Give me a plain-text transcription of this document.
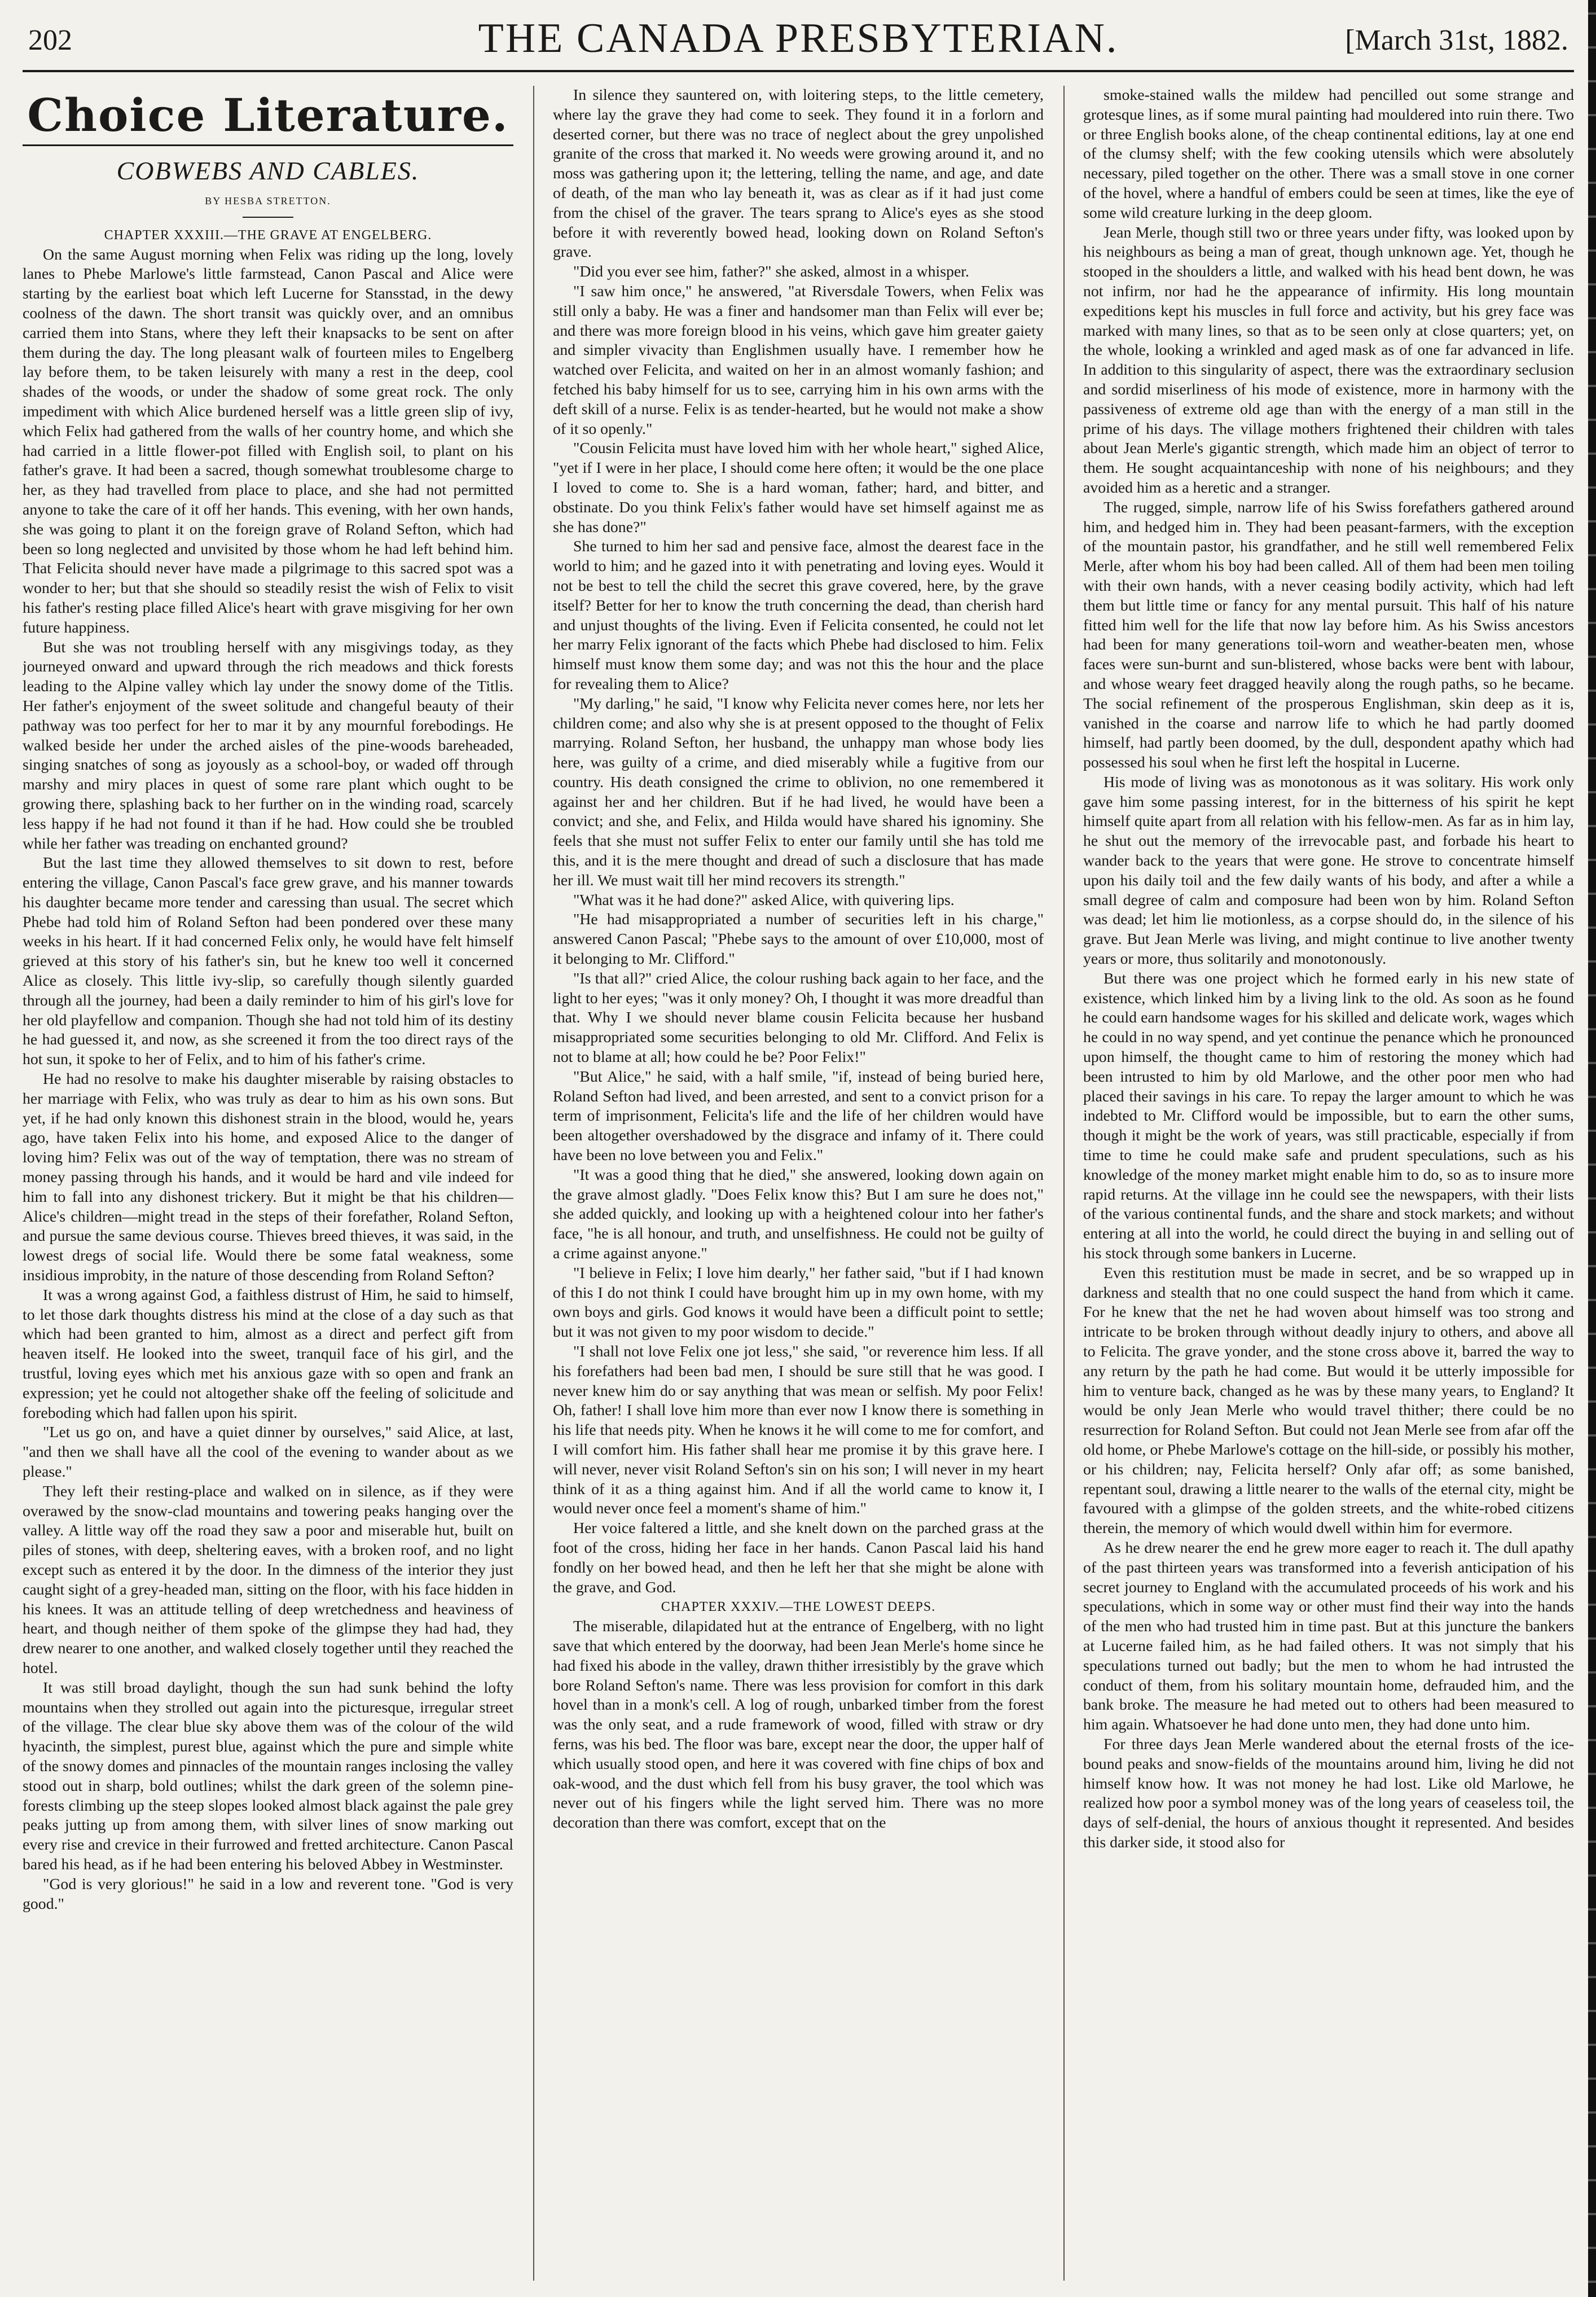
202	THE CANADA PRESBYTERIAN.	[March 31st, 1882.
Choice Literature.
COBWEBS AND CABLES.
BY HESBA STRETTON.

CHAPTER XXXIII.—THE GRAVE AT ENGELBERG.

On the same August morning when Felix was riding up the long, lovely lanes to Phebe Marlowe's little farmstead, Canon Pascal and Alice were starting by the earliest boat which left Lucerne for Stansstad, in the dewy coolness of the dawn. The short transit was quickly over, and an omnibus carried them into Stans, where they left their knapsacks to be sent on after them during the day. The long pleasant walk of fourteen miles to Engelberg lay before them, to be taken leisurely with many a rest in the deep, cool shades of the woods, or under the shadow of some great rock. The only impediment with which Alice burdened herself was a little green slip of ivy, which Felix had gathered from the walls of her country home, and which she had carried in a little flower-pot filled with English soil, to plant on his father's grave. It had been a sacred, though somewhat troublesome charge to her, as they had travelled from place to place, and she had not permitted anyone to take the care of it off her hands. This evening, with her own hands, she was going to plant it on the foreign grave of Roland Sefton, which had been so long neglected and unvisited by those whom he had left behind him. That Felicita should never have made a pilgrimage to this sacred spot was a wonder to her; but that she should so steadily resist the wish of Felix to visit his father's resting place filled Alice's heart with grave misgiving for her own future happiness.

But she was not troubling herself with any misgivings today, as they journeyed onward and upward through the rich meadows and thick forests leading to the Alpine valley which lay under the snowy dome of the Titlis. Her father's enjoyment of the sweet solitude and changeful beauty of their pathway was too perfect for her to mar it by any mournful forebodings. He walked beside her under the arched aisles of the pine-woods bareheaded, singing snatches of song as joyously as a school-boy, or waded off through marshy and miry places in quest of some rare plant which ought to be growing there, splashing back to her further on in the winding road, scarcely less happy if he had not found it than if he had. How could she be troubled while her father was treading on enchanted ground?

But the last time they allowed themselves to sit down to rest, before entering the village, Canon Pascal's face grew grave, and his manner towards his daughter became more tender and caressing than usual. The secret which Phebe had told him of Roland Sefton had been pondered over these many weeks in his heart. If it had concerned Felix only, he would have felt himself grieved at this story of his father's sin, but he knew too well it concerned Alice as closely. This little ivy-slip, so carefully though silently guarded through all the journey, had been a daily reminder to him of his girl's love for her old playfellow and companion. Though she had not told him of its destiny he had guessed it, and now, as she screened it from the too direct rays of the hot sun, it spoke to her of Felix, and to him of his father's crime.

He had no resolve to make his daughter miserable by raising obstacles to her marriage with Felix, who was truly as dear to him as his own sons. But yet, if he had only known this dishonest strain in the blood, would he, years ago, have taken Felix into his home, and exposed Alice to the danger of loving him? Felix was out of the way of temptation, there was no stream of money passing through his hands, and it would be hard and vile indeed for him to fall into any dishonest trickery. But it might be that his children—Alice's children—might tread in the steps of their forefather, Roland Sefton, and pursue the same devious course. Thieves breed thieves, it was said, in the lowest dregs of social life. Would there be some fatal weakness, some insidious improbity, in the nature of those descending from Roland Sefton?

It was a wrong against God, a faithless distrust of Him, he said to himself, to let those dark thoughts distress his mind at the close of a day such as that which had been granted to him, almost as a direct and perfect gift from heaven itself. He looked into the sweet, tranquil face of his girl, and the trustful, loving eyes which met his anxious gaze with so open and frank an expression; yet he could not altogether shake off the feeling of solicitude and foreboding which had fallen upon his spirit.

"Let us go on, and have a quiet dinner by ourselves," said Alice, at last, "and then we shall have all the cool of the evening to wander about as we please."

They left their resting-place and walked on in silence, as if they were overawed by the snow-clad mountains and towering peaks hanging over the valley. A little way off the road they saw a poor and miserable hut, built on piles of stones, with deep, sheltering eaves, with a broken roof, and no light except such as entered it by the door. In the dimness of the interior they just caught sight of a grey-headed man, sitting on the floor, with his face hidden in his knees. It was an attitude telling of deep wretchedness and heaviness of heart, and though neither of them spoke of the glimpse they had had, they drew nearer to one another, and walked closely together until they reached the hotel.

It was still broad daylight, though the sun had sunk behind the lofty mountains when they strolled out again into the picturesque, irregular street of the village. The clear blue sky above them was of the colour of the wild hyacinth, the simplest, purest blue, against which the pure and simple white of the snowy domes and pinnacles of the mountain ranges inclosing the valley stood out in sharp, bold outlines; whilst the dark green of the solemn pine-forests climbing up the steep slopes looked almost black against the pale grey peaks jutting up from among them, with silver lines of snow marking out every rise and crevice in their furrowed and fretted architecture. Canon Pascal bared his head, as if he had been entering his beloved Abbey in Westminster.

"God is very glorious!" he said in a low and reverent tone. "God is very good."

In silence they sauntered on, with loitering steps, to the little cemetery, where lay the grave they had come to seek. They found it in a forlorn and deserted corner, but there was no trace of neglect about the grey unpolished granite of the cross that marked it. No weeds were growing around it, and no moss was gathering upon it; the lettering, telling the name, and age, and date of death, of the man who lay beneath it, was as clear as if it had just come from the chisel of the graver. The tears sprang to Alice's eyes as she stood before it with reverently bowed head, looking down on Roland Sefton's grave.

"Did you ever see him, father?" she asked, almost in a whisper.

"I saw him once," he answered, "at Riversdale Towers, when Felix was still only a baby. He was a finer and handsomer man than Felix will ever be; and there was more foreign blood in his veins, which gave him greater gaiety and simpler vivacity than Englishmen usually have. I remember how he watched over Felicita, and waited on her in an almost womanly fashion; and fetched his baby himself for us to see, carrying him in his own arms with the deft skill of a nurse. Felix is as tender-hearted, but he would not make a show of it so openly."

"Cousin Felicita must have loved him with her whole heart," sighed Alice, "yet if I were in her place, I should come here often; it would be the one place I loved to come to. She is a hard woman, father; hard, and bitter, and obstinate. Do you think Felix's father would have set himself against me as she has done?"

She turned to him her sad and pensive face, almost the dearest face in the world to him; and he gazed into it with penetrating and loving eyes. Would it not be best to tell the child the secret this grave covered, here, by the grave itself? Better for her to know the truth concerning the dead, than cherish hard and unjust thoughts of the living. Even if Felicita consented, he could not let her marry Felix ignorant of the facts which Phebe had disclosed to him. Felix himself must know them some day; and was not this the hour and the place for revealing them to Alice?

"My darling," he said, "I know why Felicita never comes here, nor lets her children come; and also why she is at present opposed to the thought of Felix marrying. Roland Sefton, her husband, the unhappy man whose body lies here, was guilty of a crime, and died miserably while a fugitive from our country. His death consigned the crime to oblivion, no one remembered it against her and her children. But if he had lived, he would have been a convict; and she, and Felix, and Hilda would have shared his ignominy. She feels that she must not suffer Felix to enter our family until she has told me this, and it is the mere thought and dread of such a disclosure that has made her ill. We must wait till her mind recovers its strength."

"What was it he had done?" asked Alice, with quivering lips.

"He had misappropriated a number of securities left in his charge," answered Canon Pascal; "Phebe says to the amount of over £10,000, most of it belonging to Mr. Clifford."

"Is that all?" cried Alice, the colour rushing back again to her face, and the light to her eyes; "was it only money? Oh, I thought it was more dreadful than that. Why I we should never blame cousin Felicita because her husband misappropriated some securities belonging to old Mr. Clifford. And Felix is not to blame at all; how could he be? Poor Felix!"

"But Alice," he said, with a half smile, "if, instead of being buried here, Roland Sefton had lived, and been arrested, and sent to a convict prison for a term of imprisonment, Felicita's life and the life of her children would have been altogether overshadowed by the disgrace and infamy of it. There could have been no love between you and Felix."

"It was a good thing that he died," she answered, looking down again on the grave almost gladly. "Does Felix know this? But I am sure he does not," she added quickly, and looking up with a heightened colour into her father's face, "he is all honour, and truth, and unselfishness. He could not be guilty of a crime against anyone."

"I believe in Felix; I love him dearly," her father said, "but if I had known of this I do not think I could have brought him up in my own home, with my own boys and girls. God knows it would have been a difficult point to settle; but it was not given to my poor wisdom to decide."

"I shall not love Felix one jot less," she said, "or reverence him less. If all his forefathers had been bad men, I should be sure still that he was good. I never knew him do or say anything that was mean or selfish. My poor Felix! Oh, father! I shall love him more than ever now I know there is something in his life that needs pity. When he knows it he will come to me for comfort, and I will comfort him. His father shall hear me promise it by this grave here. I will never, never visit Roland Sefton's sin on his son; I will never in my heart think of it as a thing against him. And if all the world came to know it, I would never once feel a moment's shame of him."

Her voice faltered a little, and she knelt down on the parched grass at the foot of the cross, hiding her face in her hands. Canon Pascal laid his hand fondly on her bowed head, and then he left her that she might be alone with the grave, and God.

CHAPTER XXXIV.—THE LOWEST DEEPS.

The miserable, dilapidated hut at the entrance of Engelberg, with no light save that which entered by the doorway, had been Jean Merle's home since he had fixed his abode in the valley, drawn thither irresistibly by the grave which bore Roland Sefton's name. There was less provision for comfort in this dark hovel than in a monk's cell. A log of rough, unbarked timber from the forest was the only seat, and a rude framework of wood, filled with straw or dry ferns, was his bed. The floor was bare, except near the door, the upper half of which usually stood open, and here it was covered with fine chips of box and oak-wood, and the dust which fell from his busy graver, the tool which was never out of his fingers while the light served him. There was no more decoration than there was comfort, except that on the

smoke-stained walls the mildew had pencilled out some strange and grotesque lines, as if some mural painting had mouldered into ruin there. Two or three English books alone, of the cheap continental editions, lay at one end of the clumsy shelf; with the few cooking utensils which were absolutely necessary, piled together on the other. There was a small stove in one corner of the hovel, where a handful of embers could be seen at times, like the eye of some wild creature lurking in the deep gloom.

Jean Merle, though still two or three years under fifty, was looked upon by his neighbours as being a man of great, though unknown age. Yet, though he stooped in the shoulders a little, and walked with his head bent down, he was not infirm, nor had he the appearance of infirmity. His long mountain expeditions kept his muscles in full force and activity, but his grey face was marked with many lines, so that as to be seen only at close quarters; yet, on the whole, looking a wrinkled and aged mask as of one far advanced in life. In addition to this singularity of aspect, there was the extraordinary seclusion and sordid miserliness of his mode of existence, more in harmony with the passiveness of extreme old age than with the energy of a man still in the prime of his days. The village mothers frightened their children with tales about Jean Merle's gigantic strength, which made him an object of terror to them. He sought acquaintanceship with none of his neighbours; and they avoided him as a heretic and a stranger.

The rugged, simple, narrow life of his Swiss forefathers gathered around him, and hedged him in. They had been peasant-farmers, with the exception of the mountain pastor, his grandfather, and he still well remembered Felix Merle, after whom his boy had been called. All of them had been men toiling with their own hands, with a never ceasing bodily activity, which had left them but little time or fancy for any mental pursuit. This half of his nature fitted him well for the life that now lay before him. As his Swiss ancestors had been for many generations toil-worn and weather-beaten men, whose faces were sun-burnt and sun-blistered, whose backs were bent with labour, and whose weary feet dragged heavily along the rough paths, so he became. The social refinement of the prosperous Englishman, skin deep as it is, vanished in the coarse and narrow life to which he had partly doomed himself, had partly been doomed, by the dull, despondent apathy which had possessed his soul when he first left the hospital in Lucerne.

His mode of living was as monotonous as it was solitary. His work only gave him some passing interest, for in the bitterness of his spirit he kept himself quite apart from all relation with his fellow-men. As far as in him lay, he shut out the memory of the irrevocable past, and forbade his heart to wander back to the years that were gone. He strove to concentrate himself upon his daily toil and the few daily wants of his body, and after a while a small degree of calm and composure had been won by him. Roland Sefton was dead; let him lie motionless, as a corpse should do, in the silence of his grave. But Jean Merle was living, and might continue to live another twenty years or more, thus solitarily and monotonously.

But there was one project which he formed early in his new state of existence, which linked him by a living link to the old. As soon as he found he could earn handsome wages for his skilled and delicate work, wages which he could in no way spend, and yet continue the penance which he pronounced upon himself, the thought came to him of restoring the money which had been intrusted to him by old Marlowe, and the other poor men who had placed their savings in his care. To repay the larger amount to which he was indebted to Mr. Clifford would be impossible, but to earn the other sums, though it might be the work of years, was still practicable, especially if from time to time he could make safe and prudent speculations, such as his knowledge of the money market might enable him to do, so as to insure more rapid returns. At the village inn he could see the newspapers, with their lists of the various continental funds, and the share and stock markets; and without entering at all into the world, he could direct the buying in and selling out of his stock through some bankers in Lucerne.

Even this restitution must be made in secret, and be so wrapped up in darkness and stealth that no one could suspect the hand from which it came. For he knew that the net he had woven about himself was too strong and intricate to be broken through without deadly injury to others, and above all to Felicita. The grave yonder, and the stone cross above it, barred the way to any return by the path he had come. But would it be utterly impossible for him to venture back, changed as he was by these many years, to England? It would be only Jean Merle who would travel thither; there could be no resurrection for Roland Sefton. But could not Jean Merle see from afar off the old home, or Phebe Marlowe's cottage on the hill-side, or possibly his mother, or his children; nay, Felicita herself? Only afar off; as some banished, repentant soul, drawing a little nearer to the walls of the eternal city, might be favoured with a glimpse of the golden streets, and the white-robed citizens therein, the memory of which would dwell within him for evermore.

As he drew nearer the end he grew more eager to reach it. The dull apathy of the past thirteen years was transformed into a feverish anticipation of his secret journey to England with the accumulated proceeds of his work and his speculations, which in some way or other must find their way into the hands of the men who had trusted him in time past. But at this juncture the bankers at Lucerne failed him, as he had failed others. It was not simply that his speculations turned out badly; but the men to whom he had intrusted the conduct of them, from his solitary mountain home, defrauded him, and the bank broke. The measure he had meted out to others had been measured to him again. Whatsoever he had done unto men, they had done unto him.

For three days Jean Merle wandered about the eternal frosts of the ice-bound peaks and snow-fields of the mountains around him, living he did not himself know how. It was not money he had lost. Like old Marlowe, he realized how poor a symbol money was of the long years of ceaseless toil, the days of self-denial, the hours of anxious thought it represented. And besides this darker side, it stood also for
